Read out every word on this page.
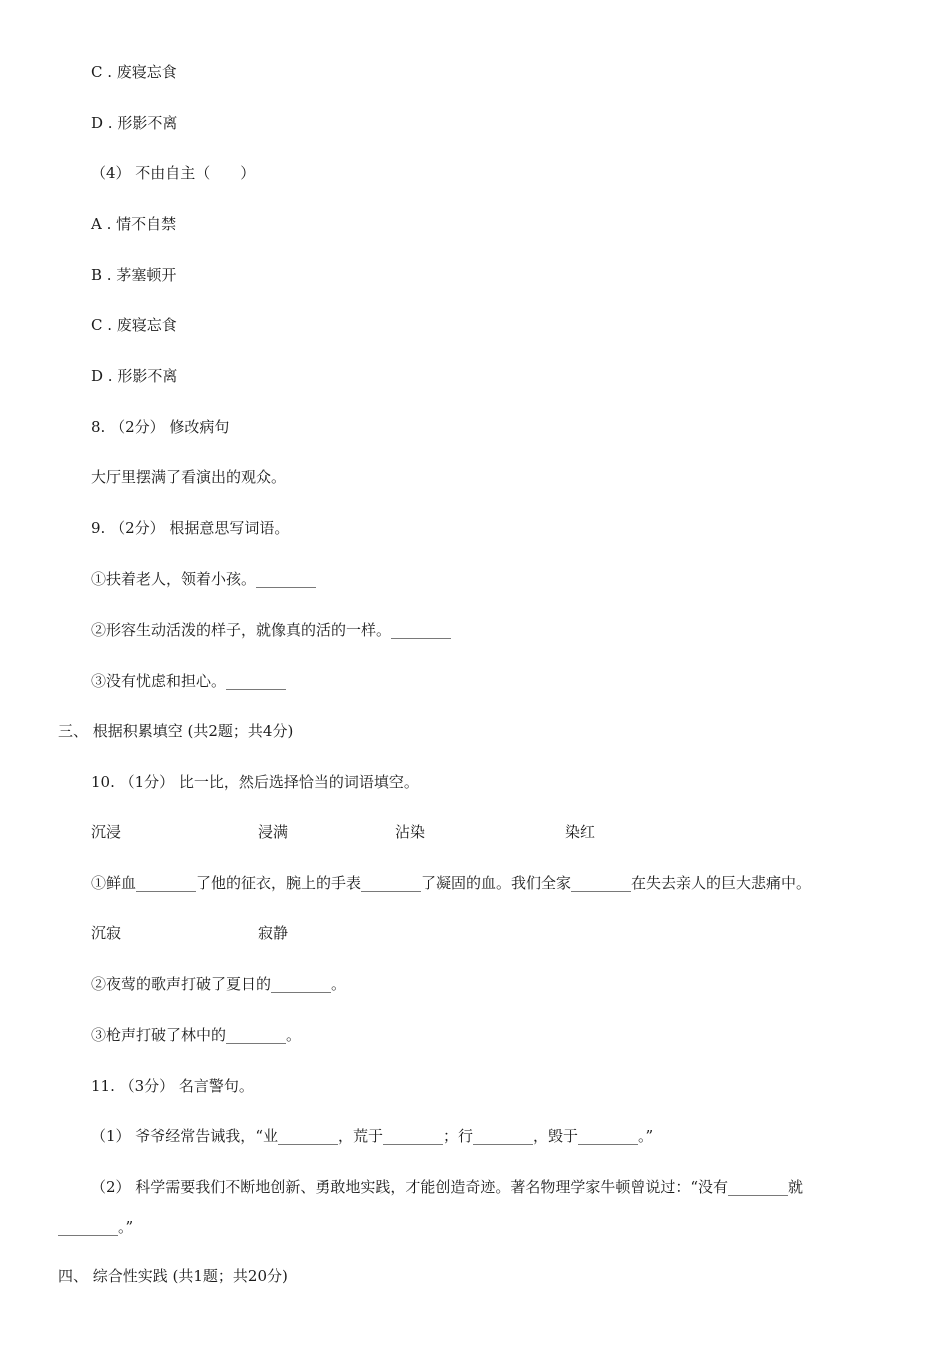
C . 废寝忘食
D . 形影不离
（4） 不由自主（　　）
A . 情不自禁
B . 茅塞顿开
C . 废寝忘食
D . 形影不离
8. （2分） 修改病句
大厅里摆满了看演出的观众。
9. （2分） 根据意思写词语。
①扶着老人，领着小孩。________
②形容生动活泼的样子，就像真的活的一样。________
③没有忧虑和担心。________
三、 根据积累填空 (共2题；共4分)
10. （1分） 比一比，然后选择恰当的词语填空。
沉浸	浸满	沾染	染红
①鲜血________了他的征衣，腕上的手表________了凝固的血。我们全家________在失去亲人的巨大悲痛中。
沉寂	寂静
②夜莺的歌声打破了夏日的________。
③枪声打破了林中的________。
11. （3分） 名言警句。
（1） 爷爷经常告诫我，“业________，荒于________；行________，毁于________。”
（2） 科学需要我们不断地创新、勇敢地实践，才能创造奇迹。著名物理学家牛顿曾说过：“没有________就
________。”
四、 综合性实践 (共1题；共20分)
